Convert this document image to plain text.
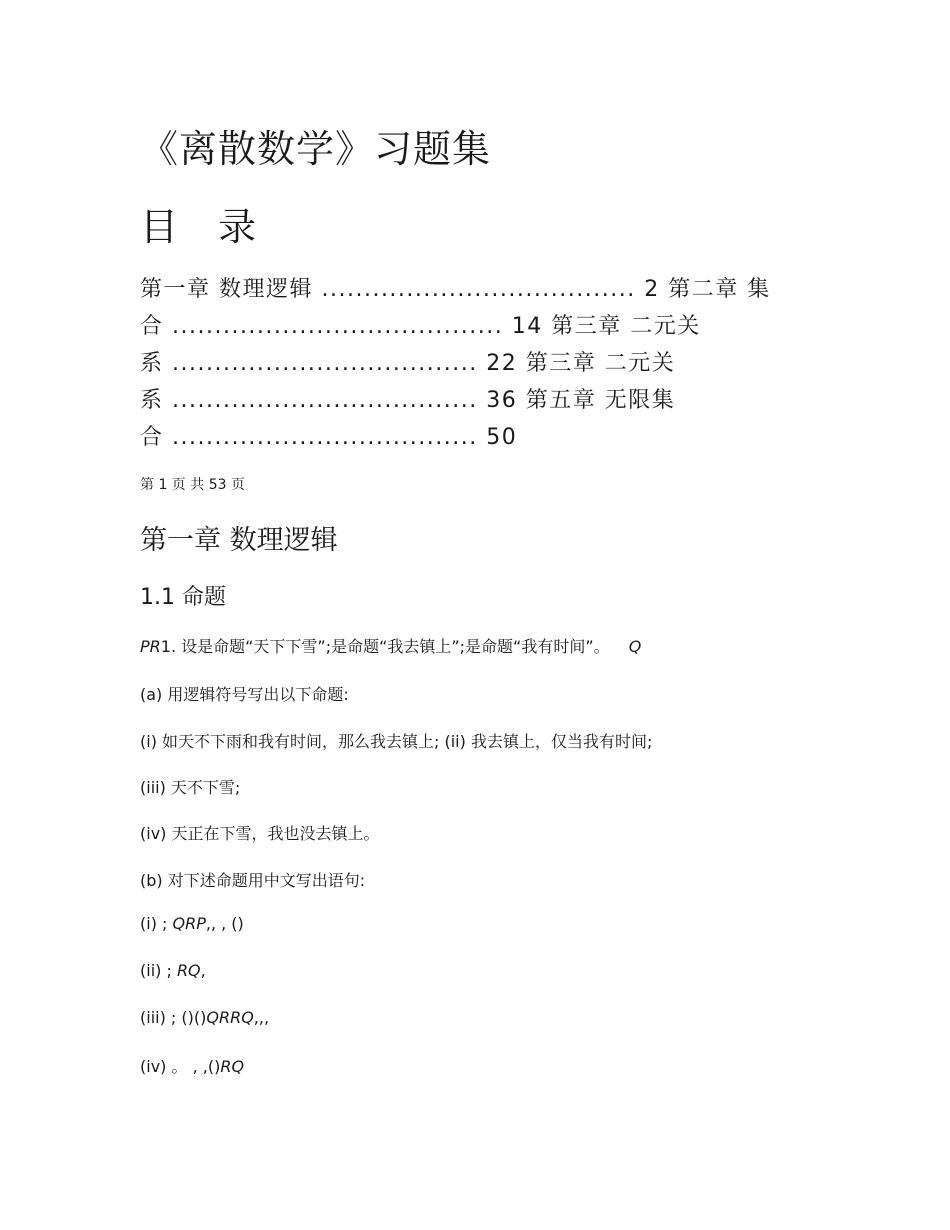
《离散数学》习题集
目 录
第一章 数理逻辑 ..................................... 2 第二章 集
合 ....................................... 14 第三章 二元关
系 .................................... 22 第三章 二元关
系 .................................... 36 第五章 无限集
合 .................................... 50
第 1 页 共 53 页
第一章 数理逻辑
1.1 命题
PR1. 设是命题“天下下雪”;是命题“我去镇上”;是命题“我有时间”。 Q
(a) 用逻辑符号写出以下命题:
(i) 如天不下雨和我有时间，那么我去镇上; (ii) 我去镇上，仅当我有时间;
(iii) 天不下雪;
(iv) 天正在下雪，我也没去镇上。
(b) 对下述命题用中文写出语句:
(i) ; QRP,, , ()
(ii) ; RQ,
(iii) ; ()()QRRQ,,,
(iv) 。 , ,()RQ
